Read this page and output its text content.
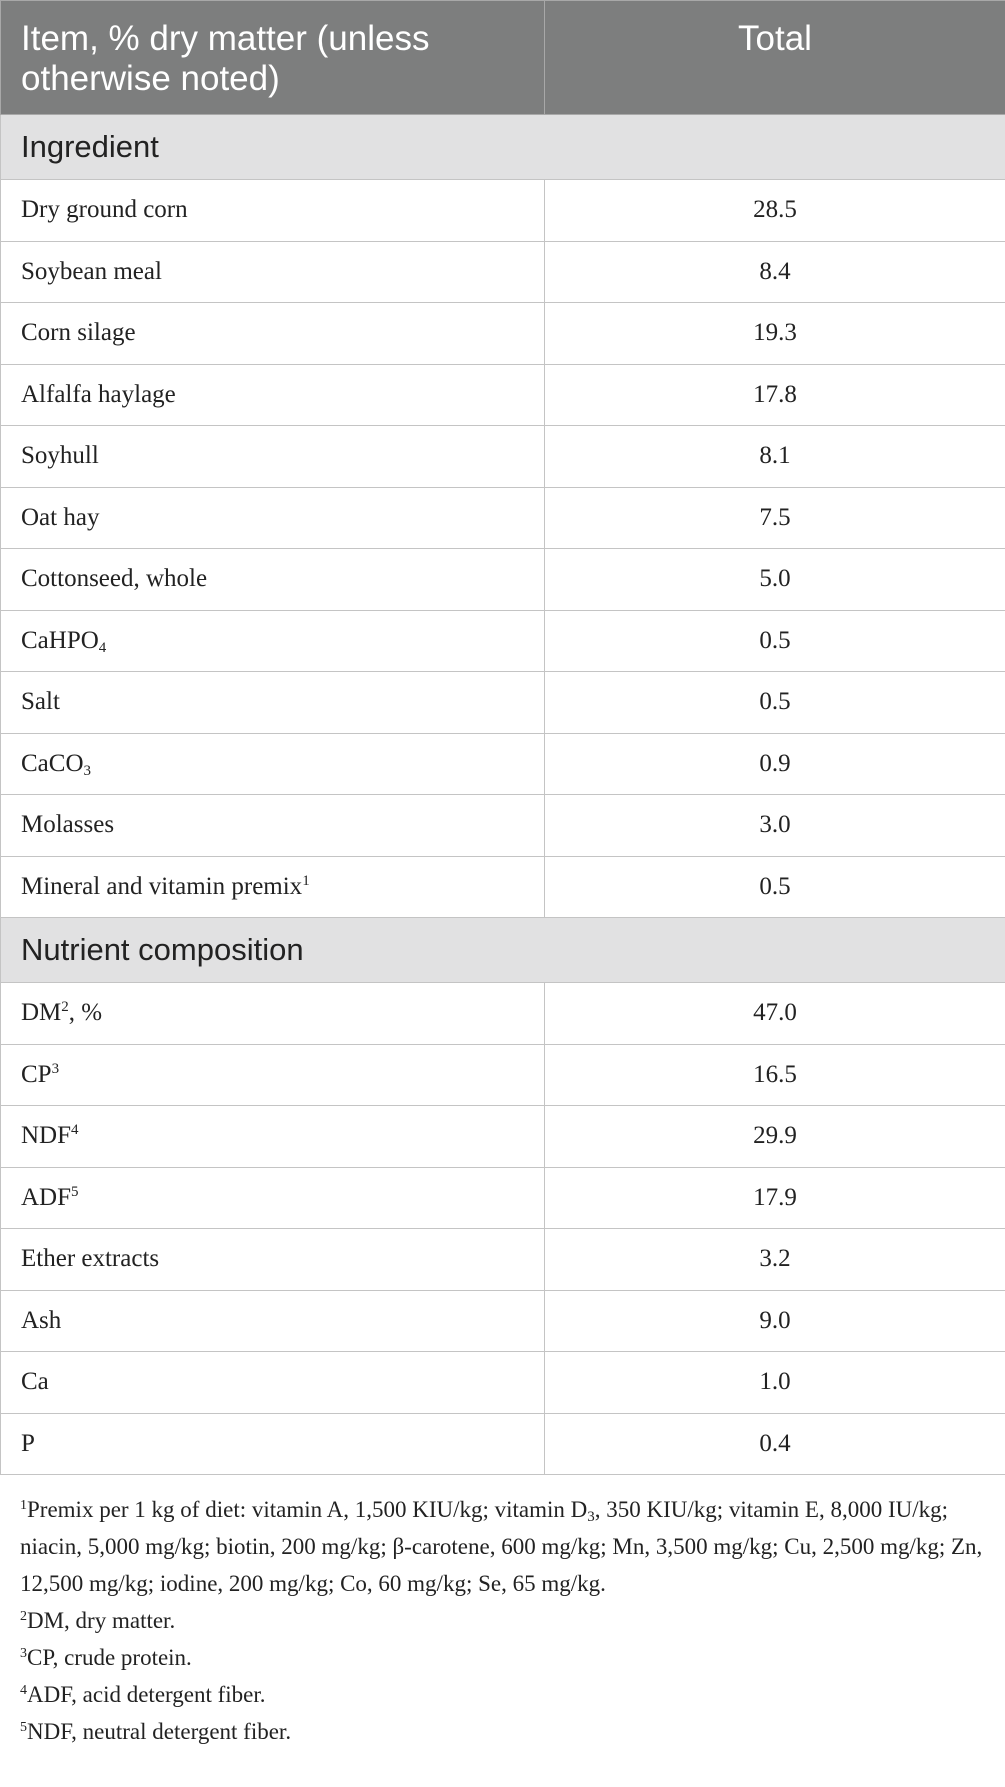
Item, % dry matter (unless otherwise noted)	Total
Ingredient	
Dry ground corn	28.5
Soybean meal	8.4
Corn silage	19.3
Alfalfa haylage	17.8
Soyhull	8.1
Oat hay	7.5
Cottonseed, whole	5.0
CaHPO$_4$	0.5
Salt	0.5
CaCO$_3$	0.9
Molasses	3.0
Mineral and vitamin premix$^1$	0.5
Nutrient composition	
$DM^2$, %	47.0
$CP^3$	16.5
NDF$^4$	29.9
ADF$^5$	17.9
Ether extracts	3.2
Ash	9.0
Ca	1.0
P	0.4

$^1$Premix per 1 kg of diet: vitamin A, 1,500 KIU/kg; vitamin $D_3$, 350 KIU/kg; vitamin E, 8,000 IU/kg; niacin, 5,000 mg/kg; biotin, 200 mg/kg; β-carotene, 600 mg/kg; Mn, 3,500 mg/kg; Cu, 2,500 mg/kg; Zn, 12,500 mg/kg; iodine, 200 mg/kg; Co, 60 mg/kg; Se, 65 mg/kg.

$^2$DM, dry matter.

$^3$CP, crude protein.

$^4$ADF, acid detergent fiber.

$^5$NDF, neutral detergent fiber.
